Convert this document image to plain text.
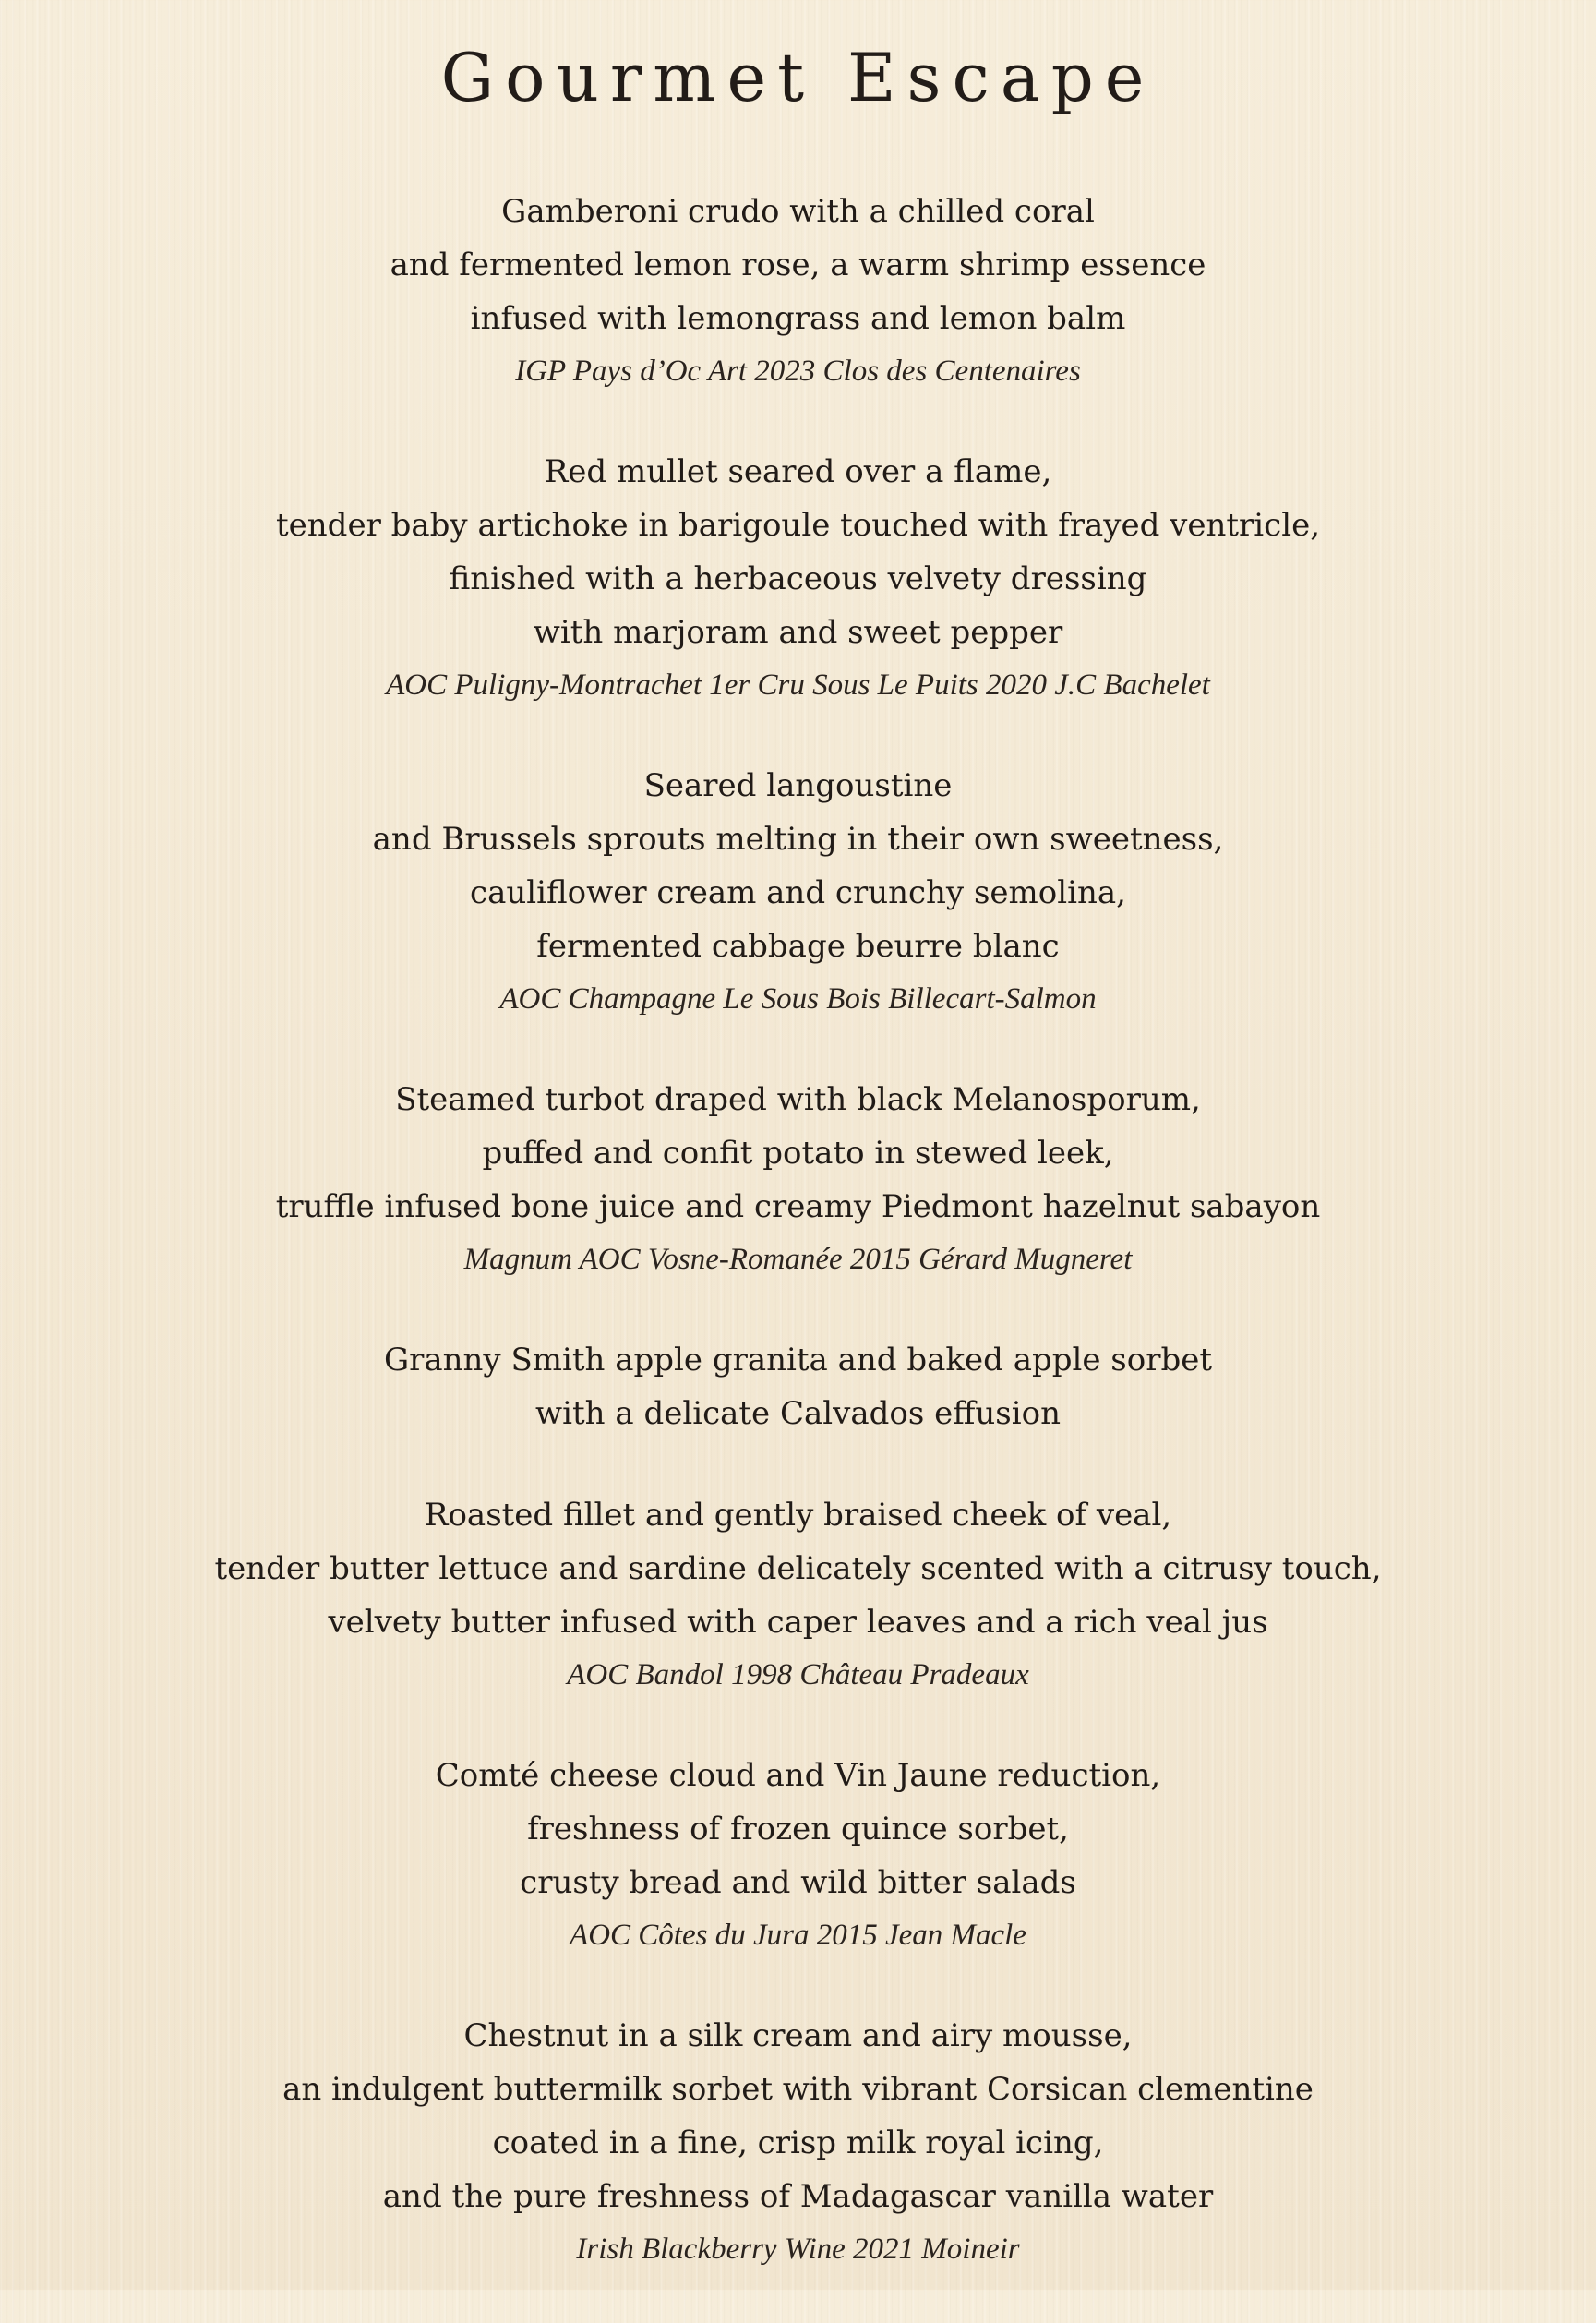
Gourmet Escape

Gamberoni crudo with a chilled coral

and fermented lemon rose, a warm shrimp essence

infused with lemongrass and lemon balm

IGP Pays d’Oc Art 2023 Clos des Centenaires

Red mullet seared over a flame,

tender baby artichoke in barigoule touched with frayed ventricle,

finished with a herbaceous velvety dressing

with marjoram and sweet pepper

AOC Puligny-Montrachet 1er Cru Sous Le Puits 2020 J.C Bachelet

Seared langoustine

and Brussels sprouts melting in their own sweetness,

cauliflower cream and crunchy semolina,

fermented cabbage beurre blanc

AOC Champagne Le Sous Bois Billecart-Salmon

Steamed turbot draped with black Melanosporum,

puffed and confit potato in stewed leek,

truffle infused bone juice and creamy Piedmont hazelnut sabayon

Magnum AOC Vosne-Romanée 2015 Gérard Mugneret

Granny Smith apple granita and baked apple sorbet

with a delicate Calvados effusion

Roasted fillet and gently braised cheek of veal,

tender butter lettuce and sardine delicately scented with a citrusy touch,

velvety butter infused with caper leaves and a rich veal jus

AOC Bandol 1998 Château Pradeaux

Comté cheese cloud and Vin Jaune reduction,

freshness of frozen quince sorbet,

crusty bread and wild bitter salads

AOC Côtes du Jura 2015 Jean Macle

Chestnut in a silk cream and airy mousse,

an indulgent buttermilk sorbet with vibrant Corsican clementine

coated in a fine, crisp milk royal icing,

and the pure freshness of Madagascar vanilla water

Irish Blackberry Wine 2021 Moineir
